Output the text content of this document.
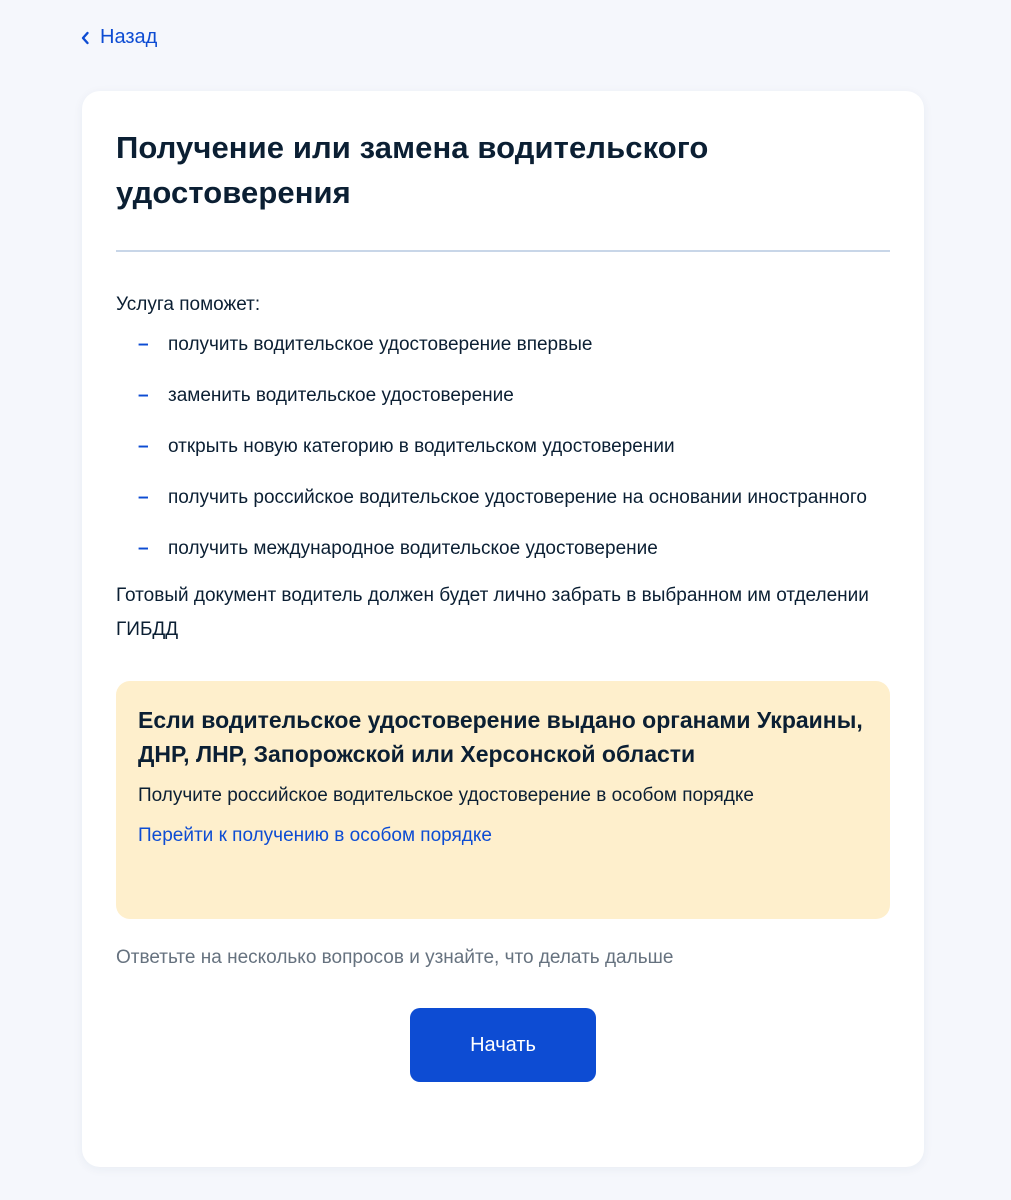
Назад
Получение или замена водительского удостоверения

Услуга поможет:

–	получить водительское удостоверение впервые
–	заменить водительское удостоверение
–	открыть новую категорию в водительском удостоверении
–	получить российское водительское удостоверение на основании иностранного
–	получить международное водительское удостоверение

Готовый документ водитель должен будет лично забрать в выбранном им отделении ГИБДД

Если водительское удостоверение выдано органами Украины, ДНР, ЛНР, Запорожской или Херсонской области
Получите российское водительское удостоверение в особом порядке
Перейти к получению в особом порядке

Ответьте на несколько вопросов и узнайте, что делать дальше

Начать
